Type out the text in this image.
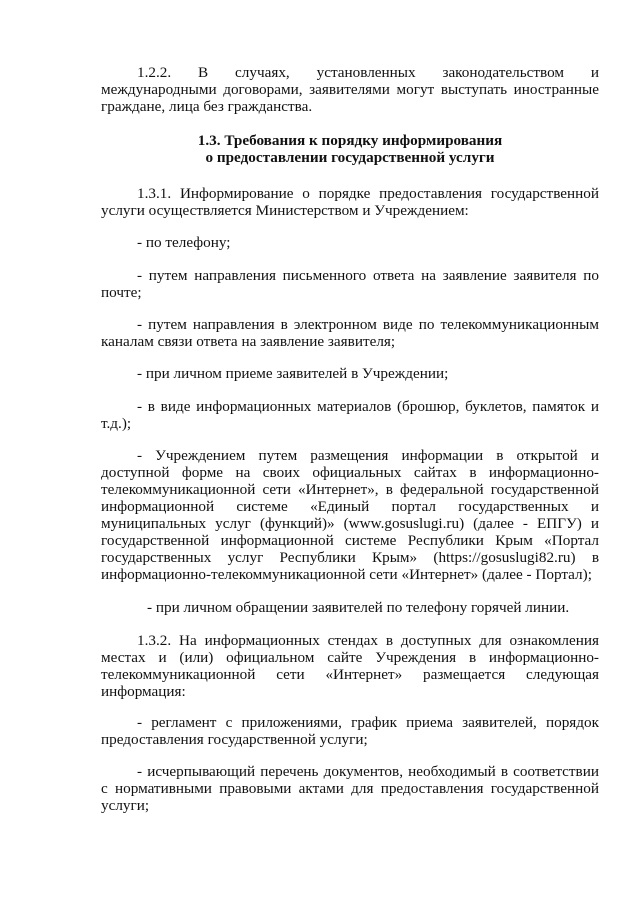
1.2.2. В случаях, установленных законодательством и международными договорами, заявителями могут выступать иностранные граждане, лица без гражданства.
1.3. Требования к порядку информирования
о предоставлении государственной услуги
1.3.1. Информирование о порядке предоставления государственной услуги осуществляется Министерством и Учреждением:
- по телефону;
- путем направления письменного ответа на заявление заявителя по почте;
- путем направления в электронном виде по телекоммуникационным каналам связи ответа на заявление заявителя;
- при личном приеме заявителей в Учреждении;
- в виде информационных материалов (брошюр, буклетов, памяток и т.д.);
- Учреждением путем размещения информации в открытой и доступной форме на своих официальных сайтах в информационно-телекоммуникационной сети «Интернет», в федеральной государственной информационной системе «Единый портал государственных и муниципальных услуг (функций)» (www.gosuslugi.ru) (далее - ЕПГУ) и государственной информационной системе Республики Крым «Портал государственных услуг Республики Крым» (https://gosuslugi82.ru) в информационно-телекоммуникационной сети «Интернет» (далее - Портал);
- при личном обращении заявителей по телефону горячей линии.
1.3.2. На информационных стендах в доступных для ознакомления местах и (или) официальном сайте Учреждения в информационно-телекоммуникационной сети «Интернет» размещается следующая информация:
- регламент с приложениями, график приема заявителей, порядок предоставления государственной услуги;
- исчерпывающий перечень документов, необходимый в соответствии с нормативными правовыми актами для предоставления государственной услуги;
